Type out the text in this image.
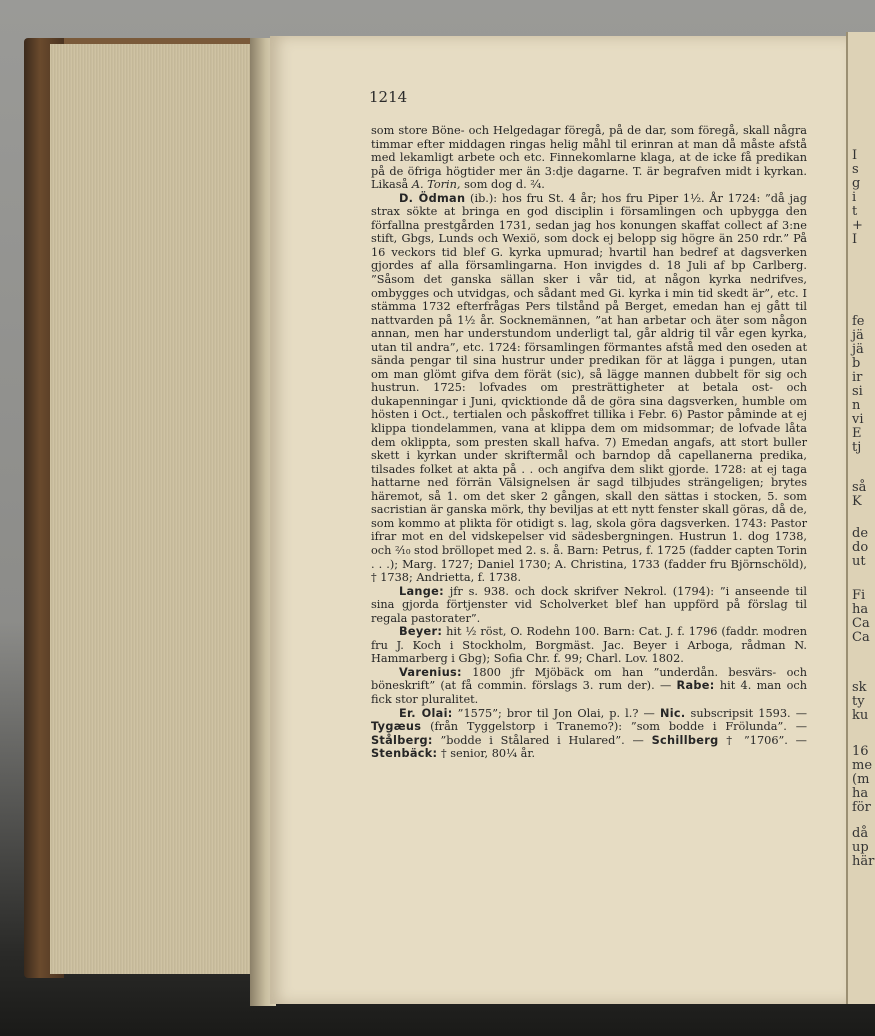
I
s
g
i
t
+
I
fe
jä
jä
b
ir
si
n
vi
E
tj
så
K
de
do
ut
Fi
ha
Ca
Ca
sk
ty
ku
16
me
(m
ha
för
då
up
här
1214

som store Böne- och Helgedagar föregå, på de dar, som föregå, skall några timmar efter middagen ringas helig måhl til erinran at man då måste afstå med lekamligt arbete och etc. Finnekomlarne klaga, at de icke få predikan på de öfriga högtider mer än 3:dje dagarne. T. är begrafven midt i kyrkan. Likaså A. Torin, som dog d. ²⁄₄.

D. Ödman (ib.): hos fru St. 4 år; hos fru Piper 1½. År 1724: ”då jag strax sökte at bringa en god disciplin i församlingen och upbygga den förfallna prestgården 1731, sedan jag hos konungen skaffat collect af 3:ne stift, Gbgs, Lunds och Wexiö, som dock ej belopp sig högre än 250 rdr.” På 16 veckors tid blef G. kyrka upmurad; hvartil han bedref at dagsverken gjordes af alla församlingarna. Hon invigdes d. 18 Juli af bp Carlberg. ”Såsom det ganska sällan sker i vår tid, at någon kyrka nedrifves, ombygges och utvidgas, och sådant med Gi. kyrka i min tid skedt är”, etc. I stämma 1732 efterfrågas Pers tilstånd på Berget, emedan han ej gått til nattvarden på 1½ år. Socknemännen, ”at han arbetar och äter som någon annan, men har understundom underligt tal, går aldrig til vår egen kyrka, utan til andra”, etc. 1724: församlingen förmantes afstå med den oseden at sända pengar til sina hustrur under predikan för at lägga i pungen, utan om man glömt gifva dem förät (sic), så lägge mannen dubbelt för sig och hustrun. 1725: lofvades om presträttigheter at betala ost- och dukapenningar i Juni, qvicktionde då de göra sina dagsverken, humble om hösten i Oct., tertialen och påskoffret tillika i Febr. 6) Pastor påminde at ej klippa tiondelammen, vana at klippa dem om midsommar; de lofvade låta dem oklippta, som presten skall hafva. 7) Emedan angafs, att stort buller skett i kyrkan under skriftermål och barndop då capellanerna predika, tilsades folket at akta på . . och angifva dem slikt gjorde. 1728: at ej taga hattarne ned förrän Välsignelsen är sagd tilbjudes strängeligen; brytes häremot, så 1. om det sker 2 gången, skall den sättas i stocken, 5. som sacristian är ganska mörk, thy beviljas at ett nytt fenster skall göras, då de, som kommo at plikta för otidigt s. lag, skola göra dagsverken. 1743: Pastor ifrar mot en del vidskepelser vid sädesbergningen. Hustrun 1. dog 1738, och ²⁄₁₀ stod bröllopet med 2. s. å. Barn: Petrus, f. 1725 (fadder capten Torin . . .); Marg. 1727; Daniel 1730; A. Christina, 1733 (fadder fru Björnschöld), † 1738; Andrietta, f. 1738.

Lange: jfr s. 938. och dock skrifver Nekrol. (1794): ”i anseende til sina gjorda förtjenster vid Scholverket blef han uppförd på förslag til regala pastorater”.

Beyer: hit ½ röst, O. Rodehn 100. Barn: Cat. J. f. 1796 (faddr. modren fru J. Koch i Stockholm, Borgmäst. Jac. Beyer i Arboga, rådman N. Hammarberg i Gbg); Sofia Chr. f. 99; Charl. Lov. 1802.

Varenius: 1800 jfr Mjöbäck om han ”underdån. besvärs- och böneskrift” (at få commin. förslags 3. rum der). — Rabe: hit 4. man och fick stor pluralitet.

Er. Olai: ”1575”; bror til Jon Olai, p. l.? — Nic. subscripsit 1593. — Tygæus (från Tyggelstorp i Tranemo?): ”som bodde i Frölunda”. — Stålberg: ”bodde i Stålared i Hulared”. — Schillberg † ”1706”. — Stenbäck: † senior, 80¼ år.
